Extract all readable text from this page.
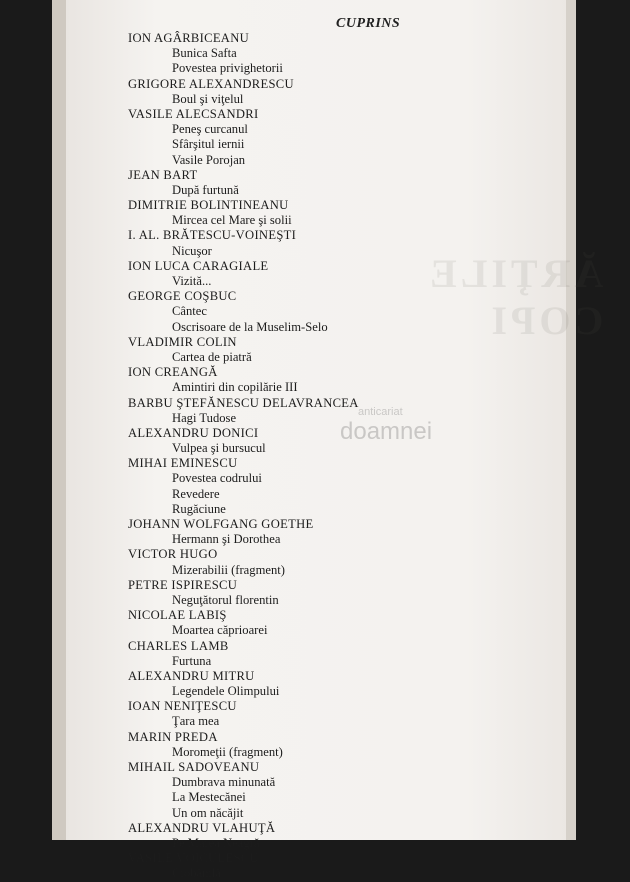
ĂRŢILE COPI
CUPRINS
ION AGÂRBICEANU
Bunica Safta
Povestea privighetorii
GRIGORE ALEXANDRESCU
Boul şi viţelul
VASILE ALECSANDRI
Peneş curcanul
Sfârşitul iernii
Vasile Porojan
JEAN BART
După furtună
DIMITRIE BOLINTINEANU
Mircea cel Mare şi solii
I. AL. BRĂTESCU-VOINEŞTI
Nicuşor
ION LUCA CARAGIALE
Vizită...
GEORGE COŞBUC
Cântec
Oscrisoare de la Muselim-Selo
VLADIMIR COLIN
Cartea de piatră
ION CREANGĂ
Amintiri din copilărie III
BARBU ŞTEFĂNESCU DELAVRANCEA
Hagi Tudose
ALEXANDRU DONICI
Vulpea şi bursucul
MIHAI EMINESCU
Povestea codrului
Revedere
Rugăciune
JOHANN WOLFGANG GOETHE
Hermann şi Dorothea
VICTOR HUGO
Mizerabilii (fragment)
PETRE ISPIRESCU
Neguţătorul florentin
NICOLAE LABIŞ
Moartea căprioarei
CHARLES LAMB
Furtuna
ALEXANDRU MITRU
Legendele Olimpului
IOAN NENIŢESCU
Ţara mea
MARIN PREDA
Moromeţii (fragment)
MIHAIL SADOVEANU
Dumbrava minunată
La Mestecănei
Un om năcăjit
ALEXANDRU VLAHUŢĂ
Pe Marea Neagră
VASILE VOICULESCU
Ciobănilă
anticariat
doamnei
